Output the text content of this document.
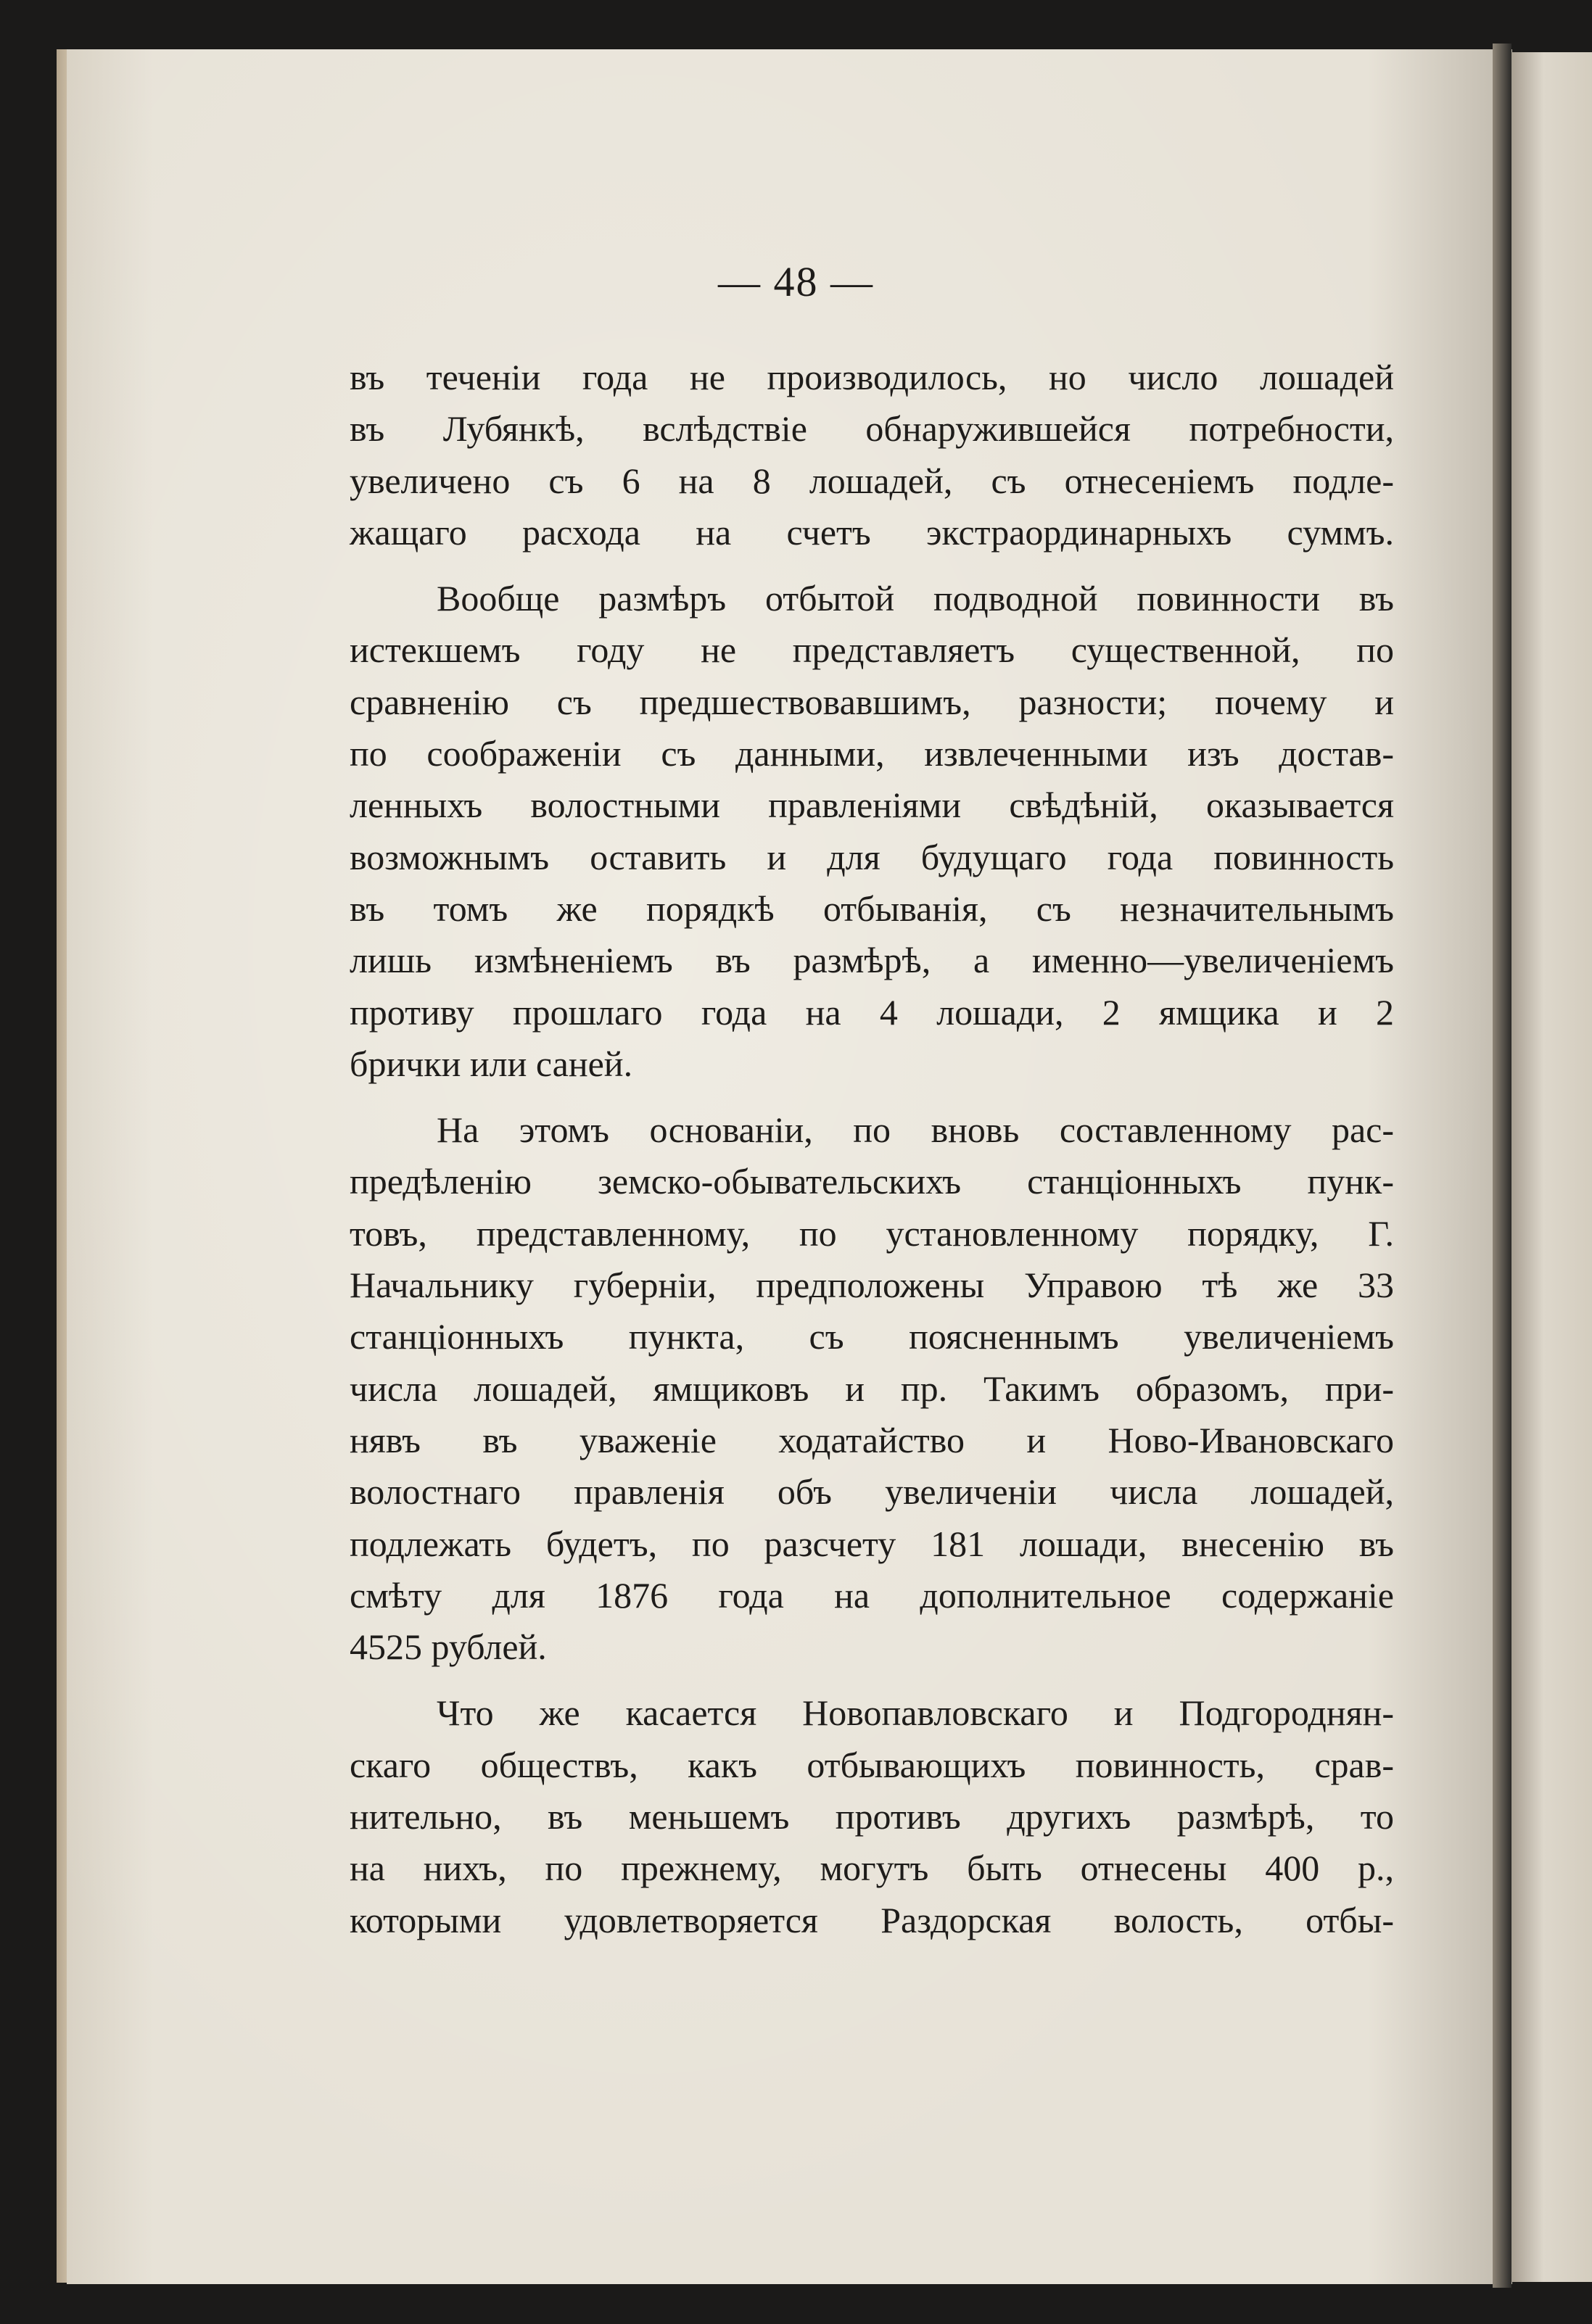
— 48 —
въ теченіи года не производилось, но число лошадей
въ Лубянкѣ, вслѣдствіе обнаружившейся потребности,
увеличено съ 6 на 8 лошадей, съ отнесеніемъ подле-
жащаго расхода на счетъ экстраординарныхъ суммъ.
Вообще размѣръ отбытой подводной повинности въ
истекшемъ году не представляетъ существенной, по
сравненію съ предшествовавшимъ, разности; почему и
по соображеніи съ данными, извлеченными изъ достав-
ленныхъ волостными правленіями свѣдѣній, оказывается
возможнымъ оставить и для будущаго года повинность
въ томъ же порядкѣ отбыванія, съ незначительнымъ
лишь измѣненіемъ въ размѣрѣ, а именно—увеличеніемъ
противу прошлаго года на 4 лошади, 2 ямщика и 2
брички или саней.
На этомъ основаніи, по вновь составленному рас-
предѣленію земско-обывательскихъ станціонныхъ пунк-
товъ, представленному, по установленному порядку, Г.
Начальнику губерніи, предположены Управою тѣ же 33
станціонныхъ пункта, съ поясненнымъ увеличеніемъ
числа лошадей, ямщиковъ и пр. Такимъ образомъ, при-
нявъ въ уваженіе ходатайство и Ново-Ивановскаго
волостнаго правленія объ увеличеніи числа лошадей,
подлежать будетъ, по разсчету 181 лошади, внесенію въ
смѣту для 1876 года на дополнительное содержаніе
4525 рублей.
Что же касается Новопавловскаго и Подгороднян-
скаго обществъ, какъ отбывающихъ повинность, срав-
нительно, въ меньшемъ противъ другихъ размѣрѣ, то
на нихъ, по прежнему, могутъ быть отнесены 400 р.,
которыми удовлетворяется Раздорская волость, отбы-
